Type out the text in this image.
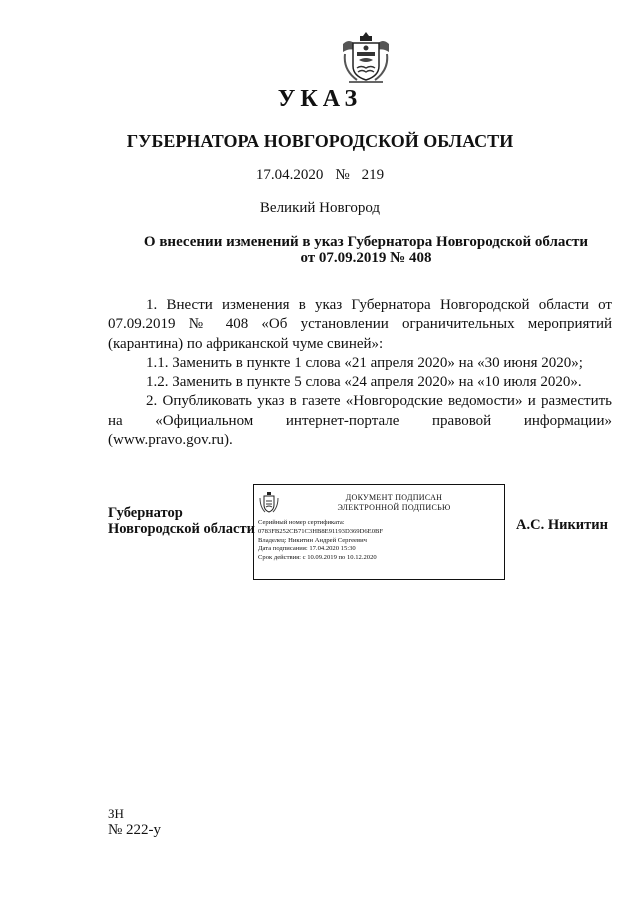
УКАЗ
ГУБЕРНАТОРА НОВГОРОДСКОЙ ОБЛАСТИ
17.04.2020 № 219
Великий Новгород
О внесении изменений в указ Губернатора Новгородской области
от 07.09.2019 № 408

1. Внести изменения в указ Губернатора Новгородской области от 07.09.2019 № 408 «Об установлении ограничительных мероприятий (карантина) по африканской чуме свиней»:

1.1. Заменить в пункте 1 слова «21 апреля 2020» на «30 июня 2020»;

1.2. Заменить в пункте 5 слова «24 апреля 2020» на «10 июля 2020».

2. Опубликовать указ в газете «Новгородские ведомости» и разместить на «Официальном интернет-портале правовой информации» (www.pravo.gov.ru).

Губернатор
Новгородской области
ДОКУМЕНТ ПОДПИСАН
ЭЛЕКТРОННОЙ ПОДПИСЬЮ
Серийный номер сертификата:
0783FB252CB71C3HB8E91193D369D6E0BF
Владелец: Никитин Андрей Сергеевич
Дата подписания: 17.04.2020 15:30
Срок действия: с 10.09.2019 по 10.12.2020
А.С. Никитин
ЗН
№ 222-у
